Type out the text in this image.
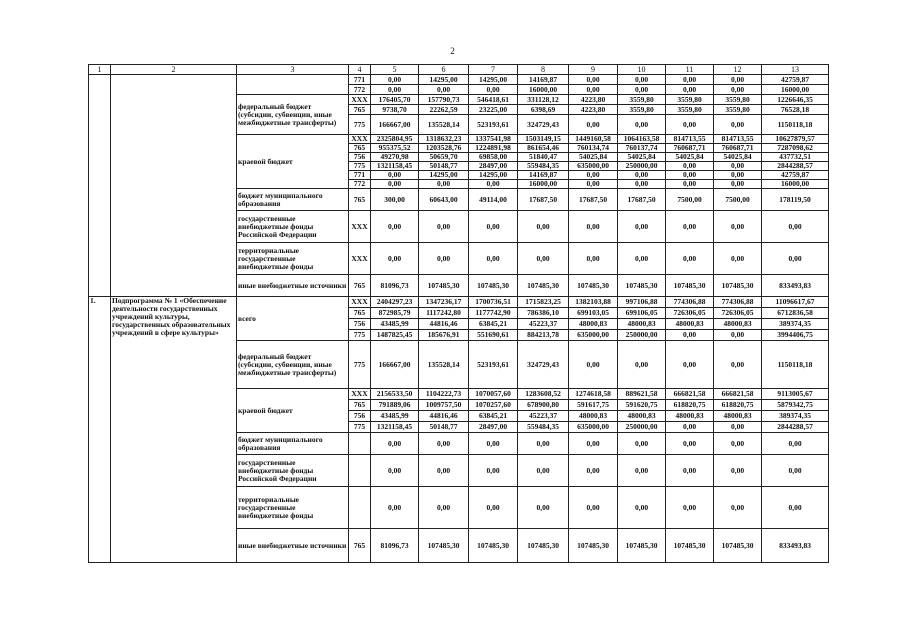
2
1	2	3	4	5	6	7	8	9	10	11	12	13
			771	0,00	14295,00	14295,00	14169,87	0,00	0,00	0,00	0,00	42759,87
			772	0,00	0,00	0,00	16000,00	0,00	0,00	0,00	0,00	16000,00
		федеральный бюджет (субсидии, субвенции, иные межбюджетные трансферты)	XXX	176405,70	157790,73	546418,61	331128,12	4223,80	3559,80	3559,80	3559,80	1226646,35
			765	9738,70	22262,59	23225,00	6398,69	4223,80	3559,80	3559,80	3559,80	76528,18
			775	166667,00	135528,14	523193,61	324729,43	0,00	0,00	0,00	0,00	1150118,18
		краевой бюджет	XXX	2325804,95	1318632,23	1337541,98	1503149,15	1449160,58	1064163,58	814713,55	814713,55	10627879,57
			765	955375,52	1203528,76	1224891,98	861654,46	760134,74	760137,74	760687,71	760687,71	7287098,62
			756	49270,98	50659,70	69858,00	51840,47	54025,84	54025,84	54025,84	54025,84	437732,51
			775	1321158,45	50148,77	28497,00	559484,35	635000,00	250000,00	0,00	0,00	2844288,57
			771	0,00	14295,00	14295,00	14169,87	0,00	0,00	0,00	0,00	42759,87
			772	0,00	0,00	0,00	16000,00	0,00	0,00	0,00	0,00	16000,00
		бюджет муниципального образования	765	300,00	60643,00	49114,00	17687,50	17687,50	17687,50	7500,00	7500,00	178119,50
		государственные внебюджетные фонды Российской Федерации	XXX	0,00	0,00	0,00	0,00	0,00	0,00	0,00	0,00	0,00
		территориальные государственные внебюджетные фонды	XXX	0,00	0,00	0,00	0,00	0,00	0,00	0,00	0,00	0,00
		иные внебюджетные источники	765	81096,73	107485,30	107485,30	107485,30	107485,30	107485,30	107485,30	107485,30	833493,83
1.	Подпрограмма № 1 «Обеспечение деятельности государственных учреждений культуры, государственных образовательных учреждений в сфере культуры»	всего	XXX	2404297,23	1347236,17	1700736,51	1715823,25	1382103,88	997106,88	774306,88	774306,88	11096617,67
			765	872985,79	1117242,80	1177742,90	786386,10	699103,05	699106,05	726306,05	726306,05	6712836,58
			756	43485,99	44816,46	63845,21	45223,37	48000,83	48000,83	48000,83	48000,83	389374,35
			775	1487825,45	185676,91	551690,61	884213,78	635000,00	250000,00	0,00	0,00	3994406,75
		федеральный бюджет (субсидии, субвенции, иные межбюджетные трансферты)	775	166667,00	135528,14	523193,61	324729,43	0,00	0,00	0,00	0,00	1150118,18
		краевой бюджет	XXX	2156533,50	1104222,73	1070057,60	1283608,52	1274618,58	889621,58	666821,58	666821,58	9113005,67
			765	791889,06	1009757,50	1070257,60	678900,80	591617,75	591620,75	618820,75	618820,75	5879342,75
			756	43485,99	44816,46	63845,21	45223,37	48000,83	48000,83	48000,83	48000,83	389374,35
			775	1321158,45	50148,77	28497,00	559484,35	635000,00	250000,00	0,00	0,00	2844288,57
		бюджет муниципального образования		0,00	0,00	0,00	0,00	0,00	0,00	0,00	0,00	0,00
		государственные внебюджетные фонды Российской Федерации		0,00	0,00	0,00	0,00	0,00	0,00	0,00	0,00	0,00
		территориальные государственные внебюджетные фонды		0,00	0,00	0,00	0,00	0,00	0,00	0,00	0,00	0,00
		иные внебюджетные источники	765	81096,73	107485,30	107485,30	107485,30	107485,30	107485,30	107485,30	107485,30	833493,83
